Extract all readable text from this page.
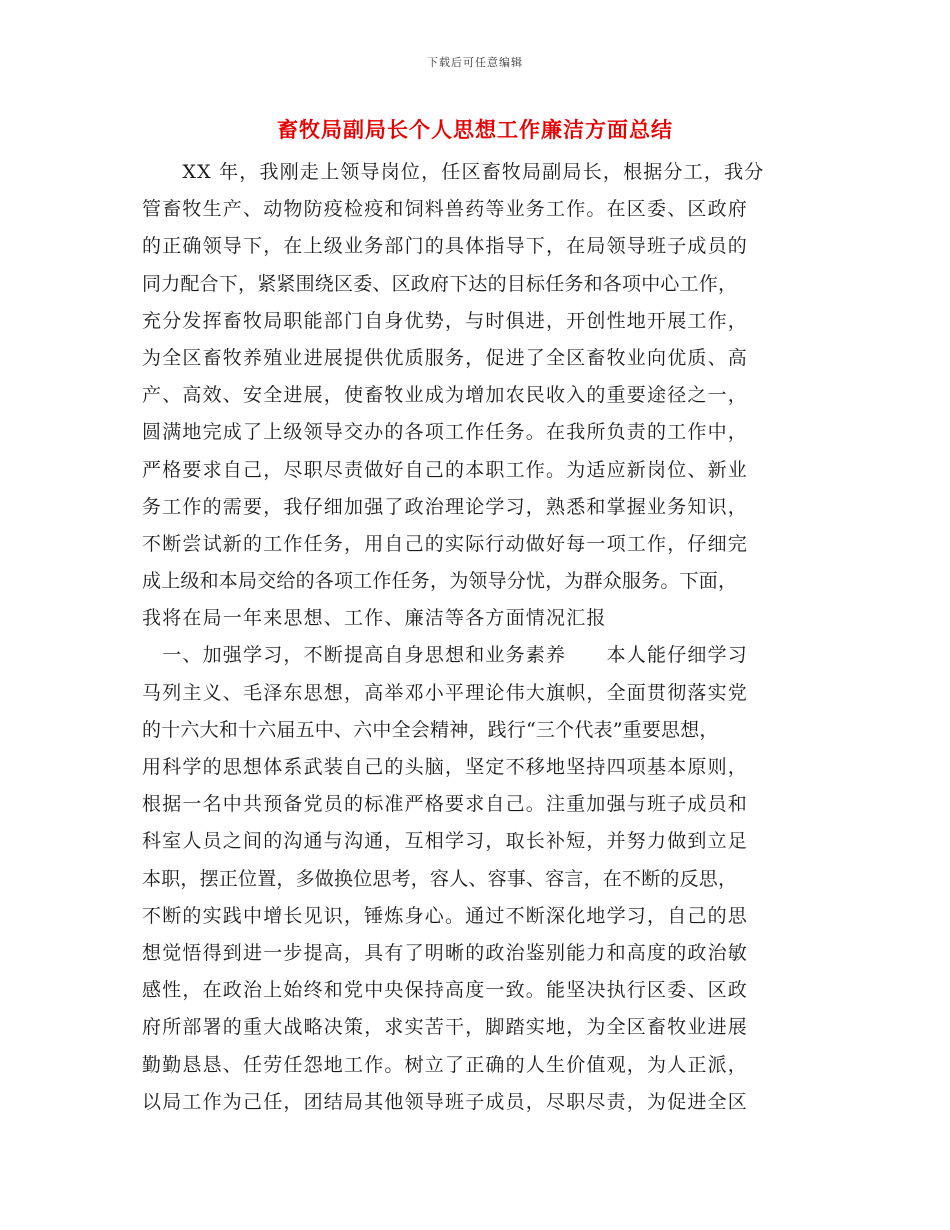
下载后可任意编辑
畜牧局副局长个人思想工作廉洁方面总结
　　XX 年，我刚走上领导岗位，任区畜牧局副局长，根据分工，我分
管畜牧生产、动物防疫检疫和饲料兽药等业务工作。在区委、区政府
的正确领导下，在上级业务部门的具体指导下，在局领导班子成员的
同力配合下，紧紧围绕区委、区政府下达的目标任务和各项中心工作，
充分发挥畜牧局职能部门自身优势，与时俱进，开创性地开展工作，
为全区畜牧养殖业进展提供优质服务，促进了全区畜牧业向优质、高
产、高效、安全进展，使畜牧业成为增加农民收入的重要途径之一，
圆满地完成了上级领导交办的各项工作任务。在我所负责的工作中，
严格要求自己，尽职尽责做好自己的本职工作。为适应新岗位、新业
务工作的需要，我仔细加强了政治理论学习，熟悉和掌握业务知识，
不断尝试新的工作任务，用自己的实际行动做好每一项工作，仔细完
成上级和本局交给的各项工作任务，为领导分忧，为群众服务。下面，
我将在局一年来思想、工作、廉洁等各方面情况汇报
　一、加强学习，不断提高自身思想和业务素养　　本人能仔细学习
马列主义、毛泽东思想，高举邓小平理论伟大旗帜，全面贯彻落实党
的十六大和十六届五中、六中全会精神，践行“三个代表”重要思想，
用科学的思想体系武装自己的头脑，坚定不移地坚持四项基本原则，
根据一名中共预备党员的标准严格要求自己。注重加强与班子成员和
科室人员之间的沟通与沟通，互相学习，取长补短，并努力做到立足
本职，摆正位置，多做换位思考，容人、容事、容言，在不断的反思，
不断的实践中增长见识，锤炼身心。通过不断深化地学习，自己的思
想觉悟得到进一步提高，具有了明晰的政治鉴别能力和高度的政治敏
感性，在政治上始终和党中央保持高度一致。能坚决执行区委、区政
府所部署的重大战略决策，求实苦干，脚踏实地，为全区畜牧业进展
勤勤恳恳、任劳任怨地工作。树立了正确的人生价值观，为人正派，
以局工作为己任，团结局其他领导班子成员，尽职尽责，为促进全区
